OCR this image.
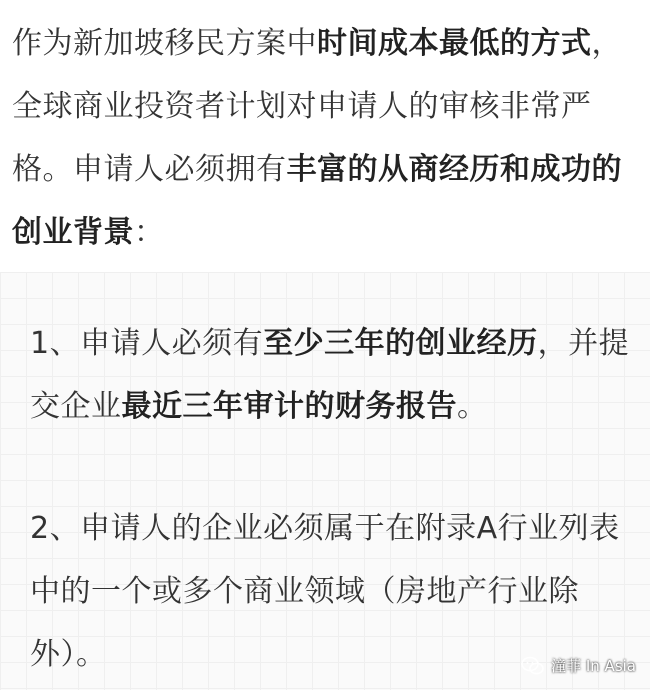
作为新加坡移民方案中时间成本最低的方式，全球商业投资者计划对申请人的审核非常严格。申请人必须拥有丰富的从商经历和成功的创业背景：

1、申请人必须有至少三年的创业经历，并提交企业最近三年审计的财务报告。

2、申请人的企业必须属于在附录A行业列表中的一个或多个商业领域（房地产行业除外）。	潼菲 In Asia
